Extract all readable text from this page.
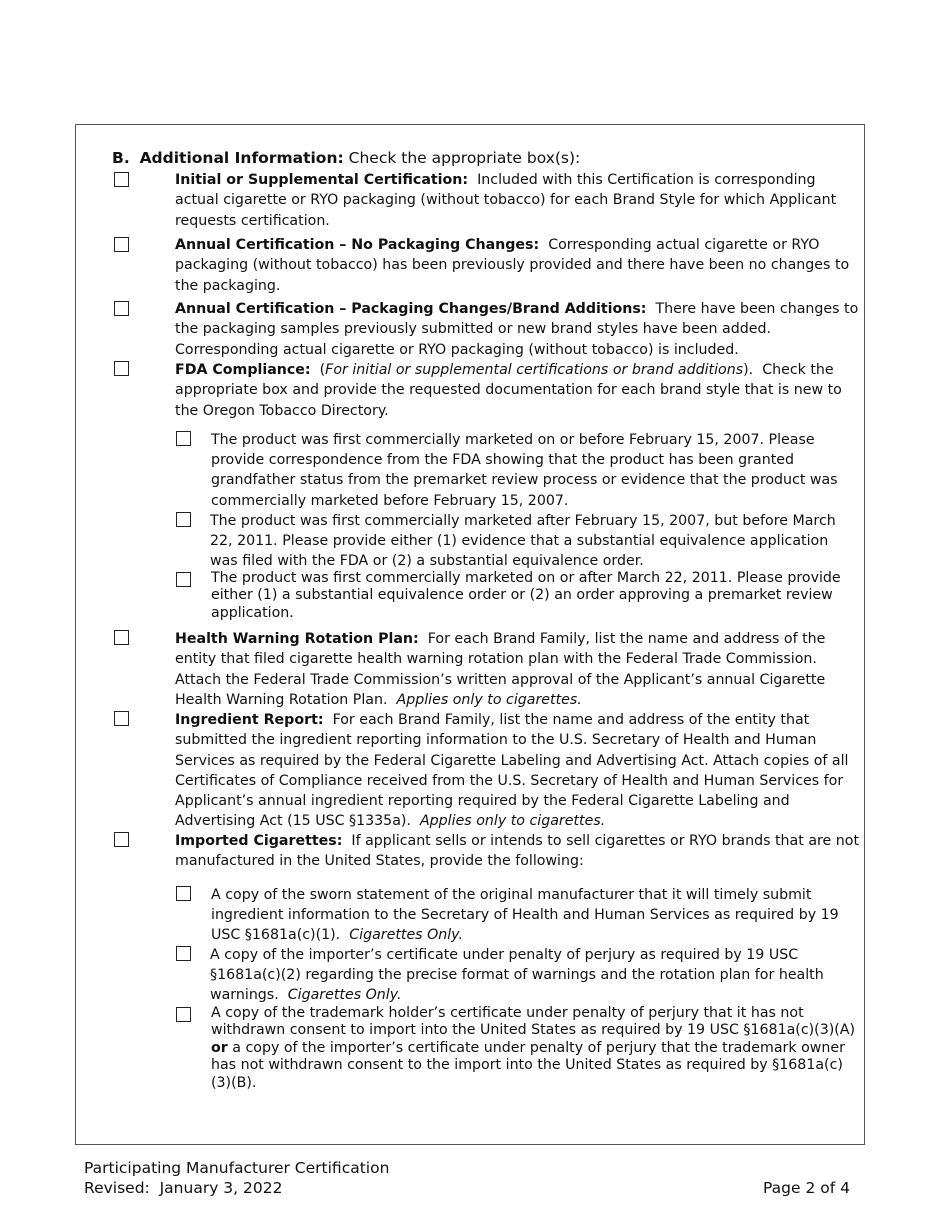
B. Additional Information: Check the appropriate box(s):
Initial or Supplemental Certification: Included with this Certification is corresponding actual cigarette or RYO packaging (without tobacco) for each Brand Style for which Applicant requests certification.
Annual Certification – No Packaging Changes: Corresponding actual cigarette or RYO packaging (without tobacco) has been previously provided and there have been no changes to the packaging.
Annual Certification – Packaging Changes/Brand Additions: There have been changes to the packaging samples previously submitted or new brand styles have been added. Corresponding actual cigarette or RYO packaging (without tobacco) is included.
FDA Compliance: (For initial or supplemental certifications or brand additions). Check the appropriate box and provide the requested documentation for each brand style that is new to the Oregon Tobacco Directory.
The product was first commercially marketed on or before February 15, 2007. Please provide correspondence from the FDA showing that the product has been granted grandfather status from the premarket review process or evidence that the product was commercially marketed before February 15, 2007.
The product was first commercially marketed after February 15, 2007, but before March 22, 2011. Please provide either (1) evidence that a substantial equivalence application was filed with the FDA or (2) a substantial equivalence order.
The product was first commercially marketed on or after March 22, 2011. Please provide either (1) a substantial equivalence order or (2) an order approving a premarket review application.
Health Warning Rotation Plan: For each Brand Family, list the name and address of the entity that filed cigarette health warning rotation plan with the Federal Trade Commission. Attach the Federal Trade Commission’s written approval of the Applicant’s annual Cigarette Health Warning Rotation Plan. Applies only to cigarettes.
Ingredient Report: For each Brand Family, list the name and address of the entity that submitted the ingredient reporting information to the U.S. Secretary of Health and Human Services as required by the Federal Cigarette Labeling and Advertising Act. Attach copies of all Certificates of Compliance received from the U.S. Secretary of Health and Human Services for Applicant’s annual ingredient reporting required by the Federal Cigarette Labeling and Advertising Act (15 USC §1335a). Applies only to cigarettes.
Imported Cigarettes: If applicant sells or intends to sell cigarettes or RYO brands that are not manufactured in the United States, provide the following:
A copy of the sworn statement of the original manufacturer that it will timely submit ingredient information to the Secretary of Health and Human Services as required by 19 USC §1681a(c)(1). Cigarettes Only.
A copy of the importer’s certificate under penalty of perjury as required by 19 USC §1681a(c)(2) regarding the precise format of warnings and the rotation plan for health warnings. Cigarettes Only.
A copy of the trademark holder’s certificate under penalty of perjury that it has not withdrawn consent to import into the United States as required by 19 USC §1681a(c)(3)(A) or a copy of the importer’s certificate under penalty of perjury that the trademark owner has not withdrawn consent to the import into the United States as required by §1681a(c)(3)(B).
Participating Manufacturer Certification
Revised:  January 3, 2022	Page 2 of 4
